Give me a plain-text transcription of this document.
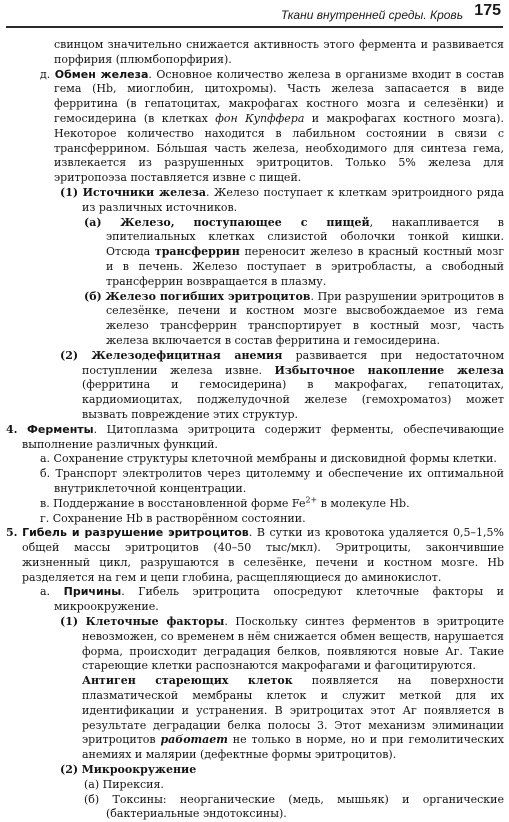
Ткани внутренней среды. Кровь 175

свинцом значительно снижается активность этого фермента и развивается порфирия (плюмбопорфирия).

д. Обмен железа. Основное количество железа в организме входит в состав гема (Hb, миоглобин, цитохромы). Часть железа запасается в виде ферритина (в гепатоцитах, макрофагах костного мозга и селезёнки) и гемосидерина (в клетках фон Купффера и макрофагах костного мозга). Некоторое количество находится в лабильном состоянии в связи с трансферрином. Бо́льшая часть железа, необходимого для синтеза гема, извлекается из разрушенных эритроцитов. Только 5% железа для эритропоэза поставляется извне с пищей.

(1) Источники железа. Железо поступает к клеткам эритроидного ряда из различных источников.

(а) Железо, поступающее с пищей, накапливается в эпителиальных клетках слизистой оболочки тонкой кишки. Отсюда трансферрин переносит железо в красный костный мозг и в печень. Железо поступает в эритробласты, а свободный трансферрин возвращается в плазму.

(б) Железо погибших эритроцитов. При разрушении эритроцитов в селезёнке, печени и костном мозге высвобождаемое из гема железо трансферрин транспортирует в костный мозг, часть железа включается в состав ферритина и гемосидерина.

(2) Железодефицитная анемия развивается при недостаточном поступлении железа извне. Избыточное накопление железа (ферритина и гемосидерина) в макрофагах, гепатоцитах, кардиомиоцитах, поджелудочной железе (гемохроматоз) может вызвать повреждение этих структур.

4. Ферменты. Цитоплазма эритроцита содержит ферменты, обеспечивающие выполнение различных функций.

а. Сохранение структуры клеточной мембраны и дисковидной формы клетки.

б. Транспорт электролитов через цитолемму и обеспечение их оптимальной внутриклеточной концентрации.

в. Поддержание в восстановленной форме $Fe^{2+}$ в молекуле Hb.

г. Сохранение Hb в растворённом состоянии.

5. Гибель и разрушение эритроцитов. В сутки из кровотока удаляется 0,5–1,5% общей массы эритроцитов (40–50 тыс/мкл). Эритроциты, закончившие жизненный цикл, разрушаются в селезёнке, печени и костном мозге. Hb разделяется на гем и цепи глобина, расщепляющиеся до аминокислот.

а. Причины. Гибель эритроцита опосредуют клеточные факторы и микроокружение.

(1) Клеточные факторы. Поскольку синтез ферментов в эритроците невозможен, со временем в нём снижается обмен веществ, нарушается форма, происходит деградация белков, появляются новые Аг. Такие стареющие клетки распознаются макрофагами и фагоцитируются.

Антиген стареющих клеток появляется на поверхности плазматической мембраны клеток и служит меткой для их идентификации и устранения. В эритроцитах этот Аг появляется в результате деградации белка полосы 3. Этот механизм элиминации эритроцитов работает не только в норме, но и при гемолитических анемиях и малярии (дефектные формы эритроцитов).

(2) Микроокружение

(а) Пирексия.

(б) Токсины: неорганические (медь, мышьяк) и органические (бактериальные эндотоксины).
